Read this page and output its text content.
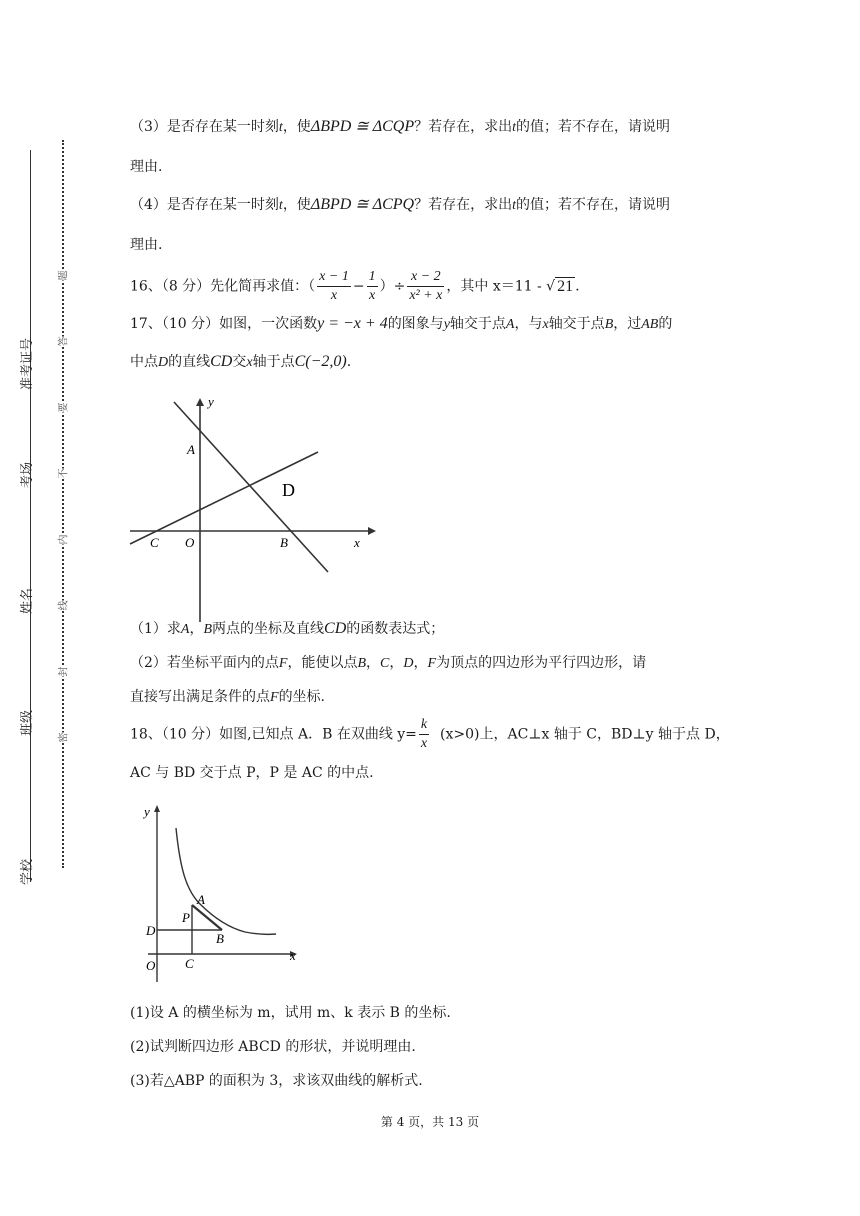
准考证号
考场
姓名
班级
学校
题
答
要
不
内
线
封
密
（3）是否存在某一时刻t，使ΔBPD ≅ ΔCQP？若存在，求出t的值；若不存在，请说明
理由.
（4）是否存在某一时刻t，使ΔBPD ≅ ΔCPQ？若存在，求出t的值；若不存在，请说明
理由.
16、（8 分）先化简再求值：（ $\frac{x - 1}{x} - \frac{1}{x}$ ）÷ $\frac{x - 2}{\text{x² + x}}$ ，其中 x＝11 - √ 21 .
17、（10 分）如图，一次函数y = −x + 4的图象与y轴交于点A，与x轴交于点B，过AB的
中点D的直线CD交x轴于点C(−2,0).
y
A
D
C O	B	x
（1）求A，B两点的坐标及直线CD的函数表达式；
（2）若坐标平面内的点F，能使以点B，C，D，F为顶点的四边形为平行四边形，请
直接写出满足条件的点F的坐标.
18、（10 分）如图,已知点 A．B 在双曲线 $y= \frac{k}{x} (x>0)$上，AC⊥x 轴于 C，BD⊥y 轴于点 D，
AC 与 BD 交于点 P，P 是 AC 的中点.
y
A
P
D
B
O C
x
(1)设 A 的横坐标为 m，试用 m、k 表示 B 的坐标.
(2)试判断四边形 ABCD 的形状，并说明理由.
(3)若△ABP 的面积为 3，求该双曲线的解析式.
第 4 页，共 13 页
